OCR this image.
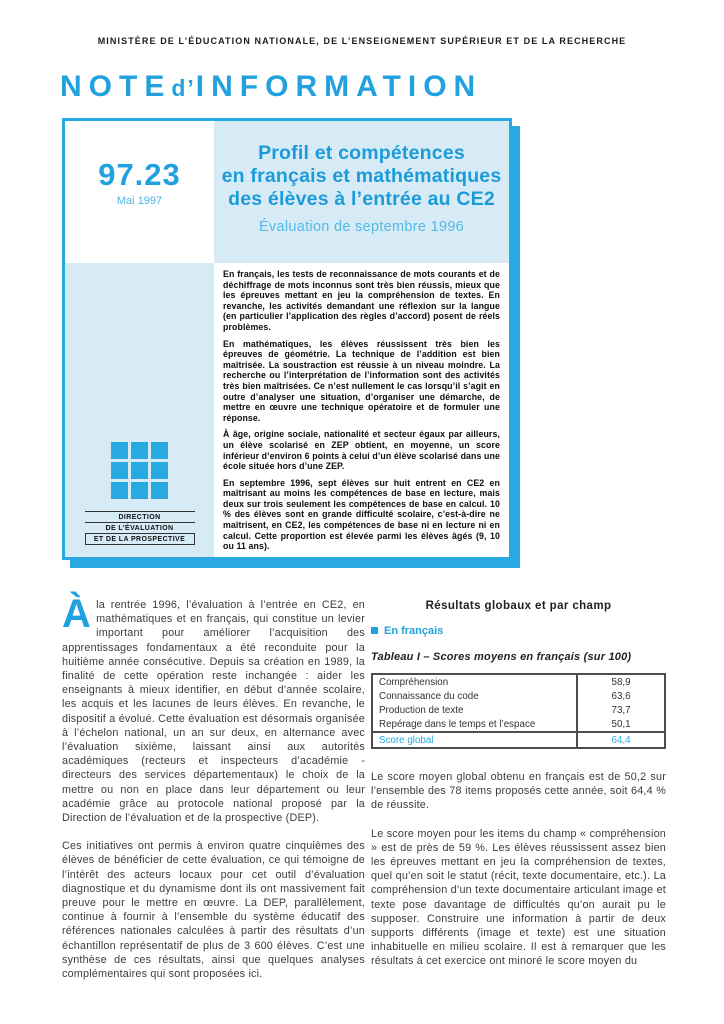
MINISTÈRE DE L’ÉDUCATION NATIONALE, DE L’ENSEIGNEMENT SUPÉRIEUR ET DE LA RECHERCHE
NOTEd’INFORMATION
97.23
Mai 1997
Profil et compétences
en français et mathématiques
des élèves à l’entrée au CE2
Évaluation de septembre 1996
DIRECTION
DE L’ÉVALUATION
ET DE LA PROSPECTIVE

En français, les tests de reconnaissance de mots courants et de déchiffrage de mots inconnus sont très bien réussis, mieux que les épreuves mettant en jeu la compréhension de textes. En revanche, les activités demandant une réflexion sur la langue (en particulier l’application des règles d’accord) posent de réels problèmes.

En mathématiques, les élèves réussissent très bien les épreuves de géométrie. La technique de l’addition est bien maîtrisée. La soustraction est réussie à un niveau moindre. La recherche ou l’interprétation de l’information sont des activités très bien maîtrisées. Ce n’est nullement le cas lorsqu’il s’agit en outre d’analyser une situation, d’organiser une démarche, de mettre en œuvre une technique opératoire et de formuler une réponse.

À âge, origine sociale, nationalité et secteur égaux par ailleurs, un élève scolarisé en ZEP obtient, en moyenne, un score inférieur d’environ 6 points à celui d’un élève scolarisé dans une école située hors d’une ZEP.

En septembre 1996, sept élèves sur huit entrent en CE2 en maîtrisant au moins les compétences de base en lecture, mais deux sur trois seulement les compétences de base en calcul. 10 % des élèves sont en grande difficulté scolaire, c’est-à-dire ne maîtrisent, en CE2, les compétences de base ni en lecture ni en calcul. Cette proportion est élevée parmi les élèves âgés (9, 10 ou 11 ans).

Àla rentrée 1996, l’évaluation à l’entrée en CE2, en mathématiques et en français, qui constitue un levier important pour améliorer l’acquisition des apprentissages fondamentaux a été reconduite pour la huitième année consécutive. Depuis sa création en 1989, la finalité de cette opération reste inchangée : aider les enseignants à mieux identifier, en début d’année scolaire, les acquis et les lacunes de leurs élèves. En revanche, le dispositif a évolué. Cette évaluation est désormais organisée à l’échelon national, un an sur deux, en alternance avec l’évaluation sixième, laissant ainsi aux autorités académiques (recteurs et inspecteurs d’académie - directeurs des services départementaux) le choix de la mettre ou non en place dans leur département ou leur académie grâce au protocole national proposé par la Direction de l’évaluation et de la prospective (DEP).

Ces initiatives ont permis à environ quatre cinquièmes des élèves de bénéficier de cette évaluation, ce qui témoigne de l’intérêt des acteurs locaux pour cet outil d’évaluation diagnostique et du dynamisme dont ils ont massivement fait preuve pour le mettre en œuvre. La DEP, parallèlement, continue à fournir à l’ensemble du système éducatif des références nationales calculées à partir des résultats d’un échantillon représentatif de plus de 3 600 élèves. C’est une synthèse de ces résultats, ainsi que quelques analyses complémentaires qui sont proposées ici.

Résultats globaux et par champ
En français
Tableau I – Scores moyens en français (sur 100)
Compréhension	58,9
Connaissance du code	63,6
Production de texte	73,7
Repérage dans le temps et l’espace	50,1
Score global	64,4

Le score moyen global obtenu en français est de 50,2 sur l’ensemble des 78 items proposés cette année, soit 64,4 % de réussite.

Le score moyen pour les items du champ « compréhension » est de près de 59 %. Les élèves réussissent assez bien les épreuves mettant en jeu la compréhension de textes, quel qu’en soit le statut (récit, texte documentaire, etc.). La compréhension d’un texte documentaire articulant image et texte pose davantage de difficultés qu’on aurait pu le supposer. Construire une information à partir de deux supports différents (image et texte) est une situation inhabituelle en milieu scolaire. Il est à remarquer que les résultats à cet exercice ont minoré le score moyen du
